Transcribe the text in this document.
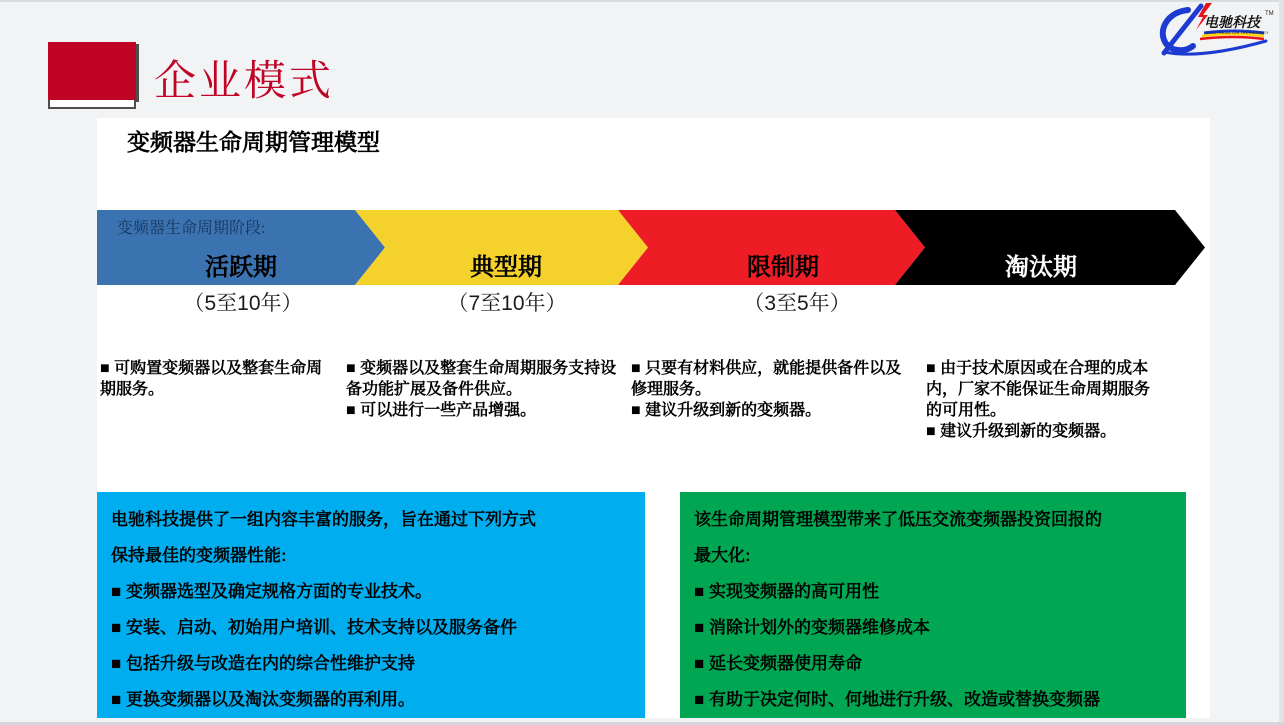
企业模式
电驰科技 TM
ELECTRICAL CHI TECHNOLOGY
变频器生命周期管理模型
变频器生命周期阶段:
活跃期	典型期	限制期	淘汰期
（5至10年）	（7至10年）	（3至5年）
■ 可购置变频器以及整套生命周期服务。
■ 变频器以及整套生命周期服务支持设备功能扩展及备件供应。
■ 可以进行一些产品增强。
■ 只要有材料供应，就能提供备件以及修理服务。
■ 建议升级到新的变频器。
■ 由于技术原因或在合理的成本内，厂家不能保证生命周期服务的可用性。
■ 建议升级到新的变频器。
电驰科技提供了一组内容丰富的服务，旨在通过下列方式
保持最佳的变频器性能:
■ 变频器选型及确定规格方面的专业技术。
■ 安装、启动、初始用户培训、技术支持以及服务备件
■ 包括升级与改造在内的综合性维护支持
■ 更换变频器以及淘汰变频器的再利用。
该生命周期管理模型带来了低压交流变频器投资回报的
最大化:
■ 实现变频器的高可用性
■ 消除计划外的变频器维修成本
■ 延长变频器使用寿命
■ 有助于决定何时、何地进行升级、改造或替换变频器
